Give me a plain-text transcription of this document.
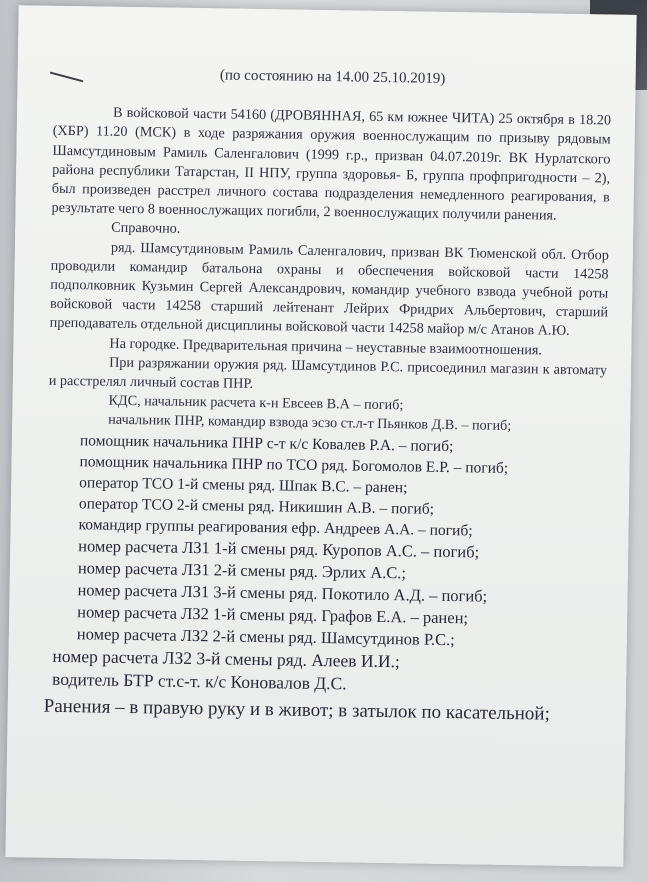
(по состоянию на 14.00 25.10.2019)

В войсковой части 54160 (ДРОВЯННАЯ, 65 км южнее ЧИТА) 25 октября в 18.20 (ХБР) 11.20 (МСК) в ходе разряжания оружия военнослужащим по призыву рядовым Шамсутдиновым Рамиль Саленгалович (1999 г.р., призван 04.07.2019г. ВК Нурлатского района республики Татарстан, II НПУ, группа здоровья- Б, группа профпригодности – 2), был произведен расстрел личного состава подразделения немедленного реагирования, в результате чего 8 военнослужащих погибли, 2 военнослужащих получили ранения.

Справочно.

ряд. Шамсутдиновым Рамиль Саленгалович, призван ВК Тюменской обл. Отбор проводили командир батальона охраны и обеспечения войсковой части 14258 подполковник Кузьмин Сергей Александрович, командир учебного взвода учебной роты войсковой части 14258 старший лейтенант Лейрих Фридрих Альбертович, старший преподаватель отдельной дисциплины войсковой части 14258 майор м/с Атанов А.Ю.

На городке. Предварительная причина – неуставные взаимоотношения.

При разряжании оружия ряд. Шамсутдинов Р.С. присоединил магазин к автомату и расстрелял личный состав ПНР.

КДС, начальник расчета к-н Евсеев В.А – погиб;

начальник ПНР, командир взвода эсзо ст.л-т Пьянков Д.В. – погиб;

помощник начальника ПНР с-т к/с Ковалев Р.А. – погиб;

помощник начальника ПНР по ТСО ряд. Богомолов Е.Р. – погиб;

оператор ТСО 1-й смены ряд. Шпак В.С. – ранен;

оператор ТСО 2-й смены ряд. Никишин А.В. – погиб;

командир группы реагирования ефр. Андреев А.А. – погиб;

номер расчета ЛЗ1 1-й смены ряд. Куропов А.С. – погиб;

номер расчета ЛЗ1 2-й смены ряд. Эрлих А.С.;

номер расчета ЛЗ1 3-й смены ряд. Покотило А.Д. – погиб;

номер расчета ЛЗ2 1-й смены ряд. Графов Е.А. – ранен;

номер расчета ЛЗ2 2-й смены ряд. Шамсутдинов Р.С.;

номер расчета ЛЗ2 3-й смены ряд. Алеев И.И.;

водитель БТР ст.с-т. к/с Коновалов Д.С.

Ранения – в правую руку и в живот; в затылок по касательной;
